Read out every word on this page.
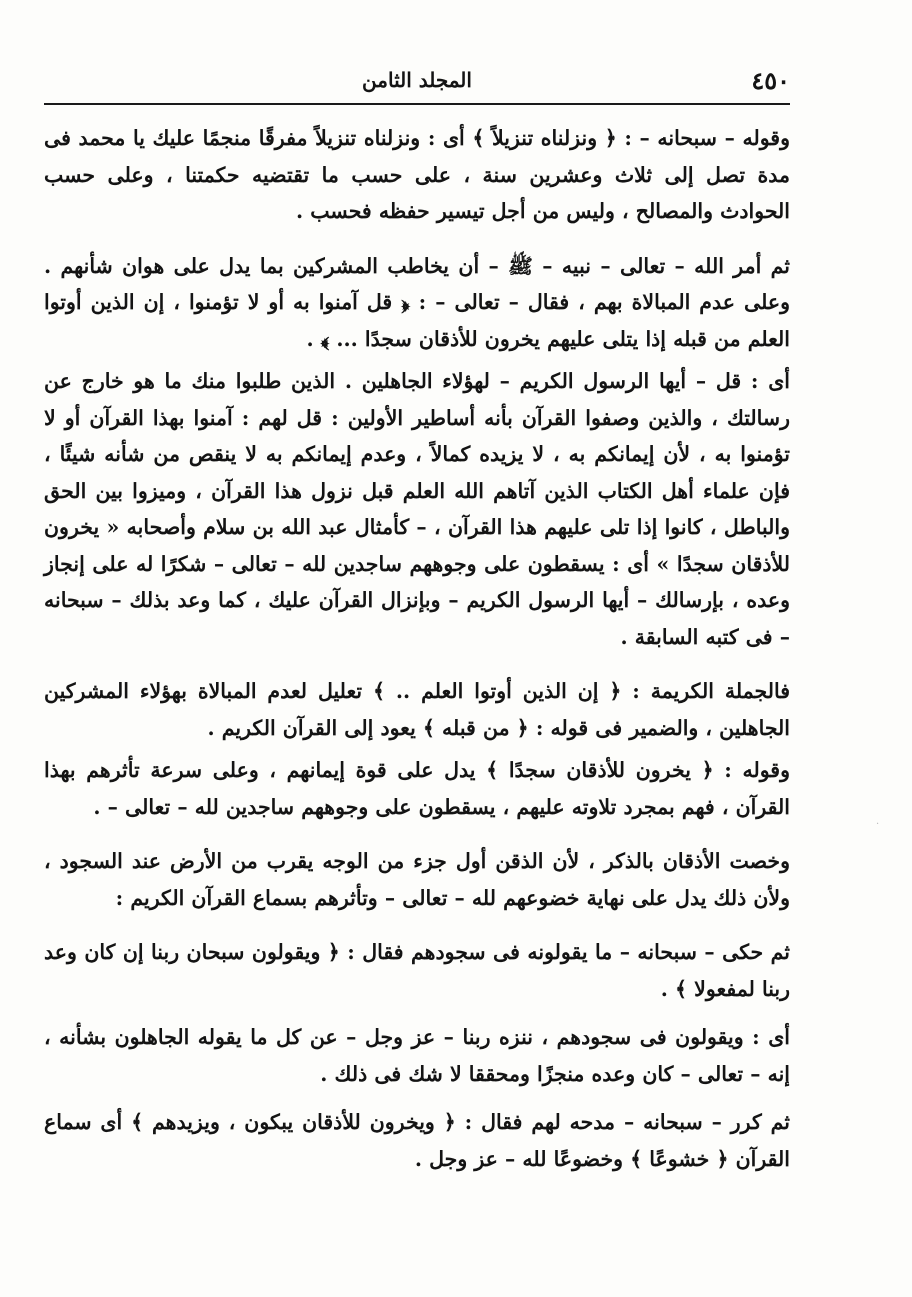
٤٥٠
المجلد الثامن

وقوله – سبحانه – : ﴿ ونزلناه تنزيلاً ﴾ أى : ونزلناه تنزيلاً مفرقًا منجمًا عليك يا محمد فى مدة تصل إلى ثلاث وعشرين سنة ، على حسب ما تقتضيه حكمتنا ، وعلى حسب الحوادث والمصالح ، وليس من أجل تيسير حفظه فحسب .

ثم أمر الله – تعالى – نبيه – ﷺ – أن يخاطب المشركين بما يدل على هوان شأنهم . وعلى عدم المبالاة بهم ، فقال – تعالى – : ﴿ قل آمنوا به أو لا تؤمنوا ، إن الذين أوتوا العلم من قبله إذا يتلى عليهم يخرون للأذقان سجدًا ... ﴾ .

أى : قل – أيها الرسول الكريم – لهؤلاء الجاهلين . الذين طلبوا منك ما هو خارج عن رسالتك ، والذين وصفوا القرآن بأنه أساطير الأولين : قل لهم : آمنوا بهذا القرآن أو لا تؤمنوا به ، لأن إيمانكم به ، لا يزيده كمالاً ، وعدم إيمانكم به لا ينقص من شأنه شيئًا ، فإن علماء أهل الكتاب الذين آتاهم الله العلم قبل نزول هذا القرآن ، وميزوا بين الحق والباطل ، كانوا إذا تلى عليهم هذا القرآن ، – كأمثال عبد الله بن سلام وأصحابه « يخرون للأذقان سجدًا » أى : يسقطون على وجوههم ساجدين لله – تعالى – شكرًا له على إنجاز وعده ، بإرسالك – أيها الرسول الكريم – وبإنزال القرآن عليك ، كما وعد بذلك – سبحانه – فى كتبه السابقة .

فالجملة الكريمة : ﴿ إن الذين أوتوا العلم .. ﴾ تعليل لعدم المبالاة بهؤلاء المشركين الجاهلين ، والضمير فى قوله : ﴿ من قبله ﴾ يعود إلى القرآن الكريم .

وقوله : ﴿ يخرون للأذقان سجدًا ﴾ يدل على قوة إيمانهم ، وعلى سرعة تأثرهم بهذا القرآن ، فهم بمجرد تلاوته عليهم ، يسقطون على وجوههم ساجدين لله – تعالى – .

وخصت الأذقان بالذكر ، لأن الذقن أول جزء من الوجه يقرب من الأرض عند السجود ، ولأن ذلك يدل على نهاية خضوعهم لله – تعالى – وتأثرهم بسماع القرآن الكريم :

ثم حكى – سبحانه – ما يقولونه فى سجودهم فقال : ﴿ ويقولون سبحان ربنا إن كان وعد ربنا لمفعولا ﴾ .

أى : ويقولون فى سجودهم ، ننزه ربنا – عز وجل – عن كل ما يقوله الجاهلون بشأنه ، إنه – تعالى – كان وعده منجزًا ومحققا لا شك فى ذلك .

ثم كرر – سبحانه – مدحه لهم فقال : ﴿ ويخرون للأذقان يبكون ، ويزيدهم ﴾ أى سماع القرآن ﴿ خشوعًا ﴾ وخضوعًا لله – عز وجل .

·
